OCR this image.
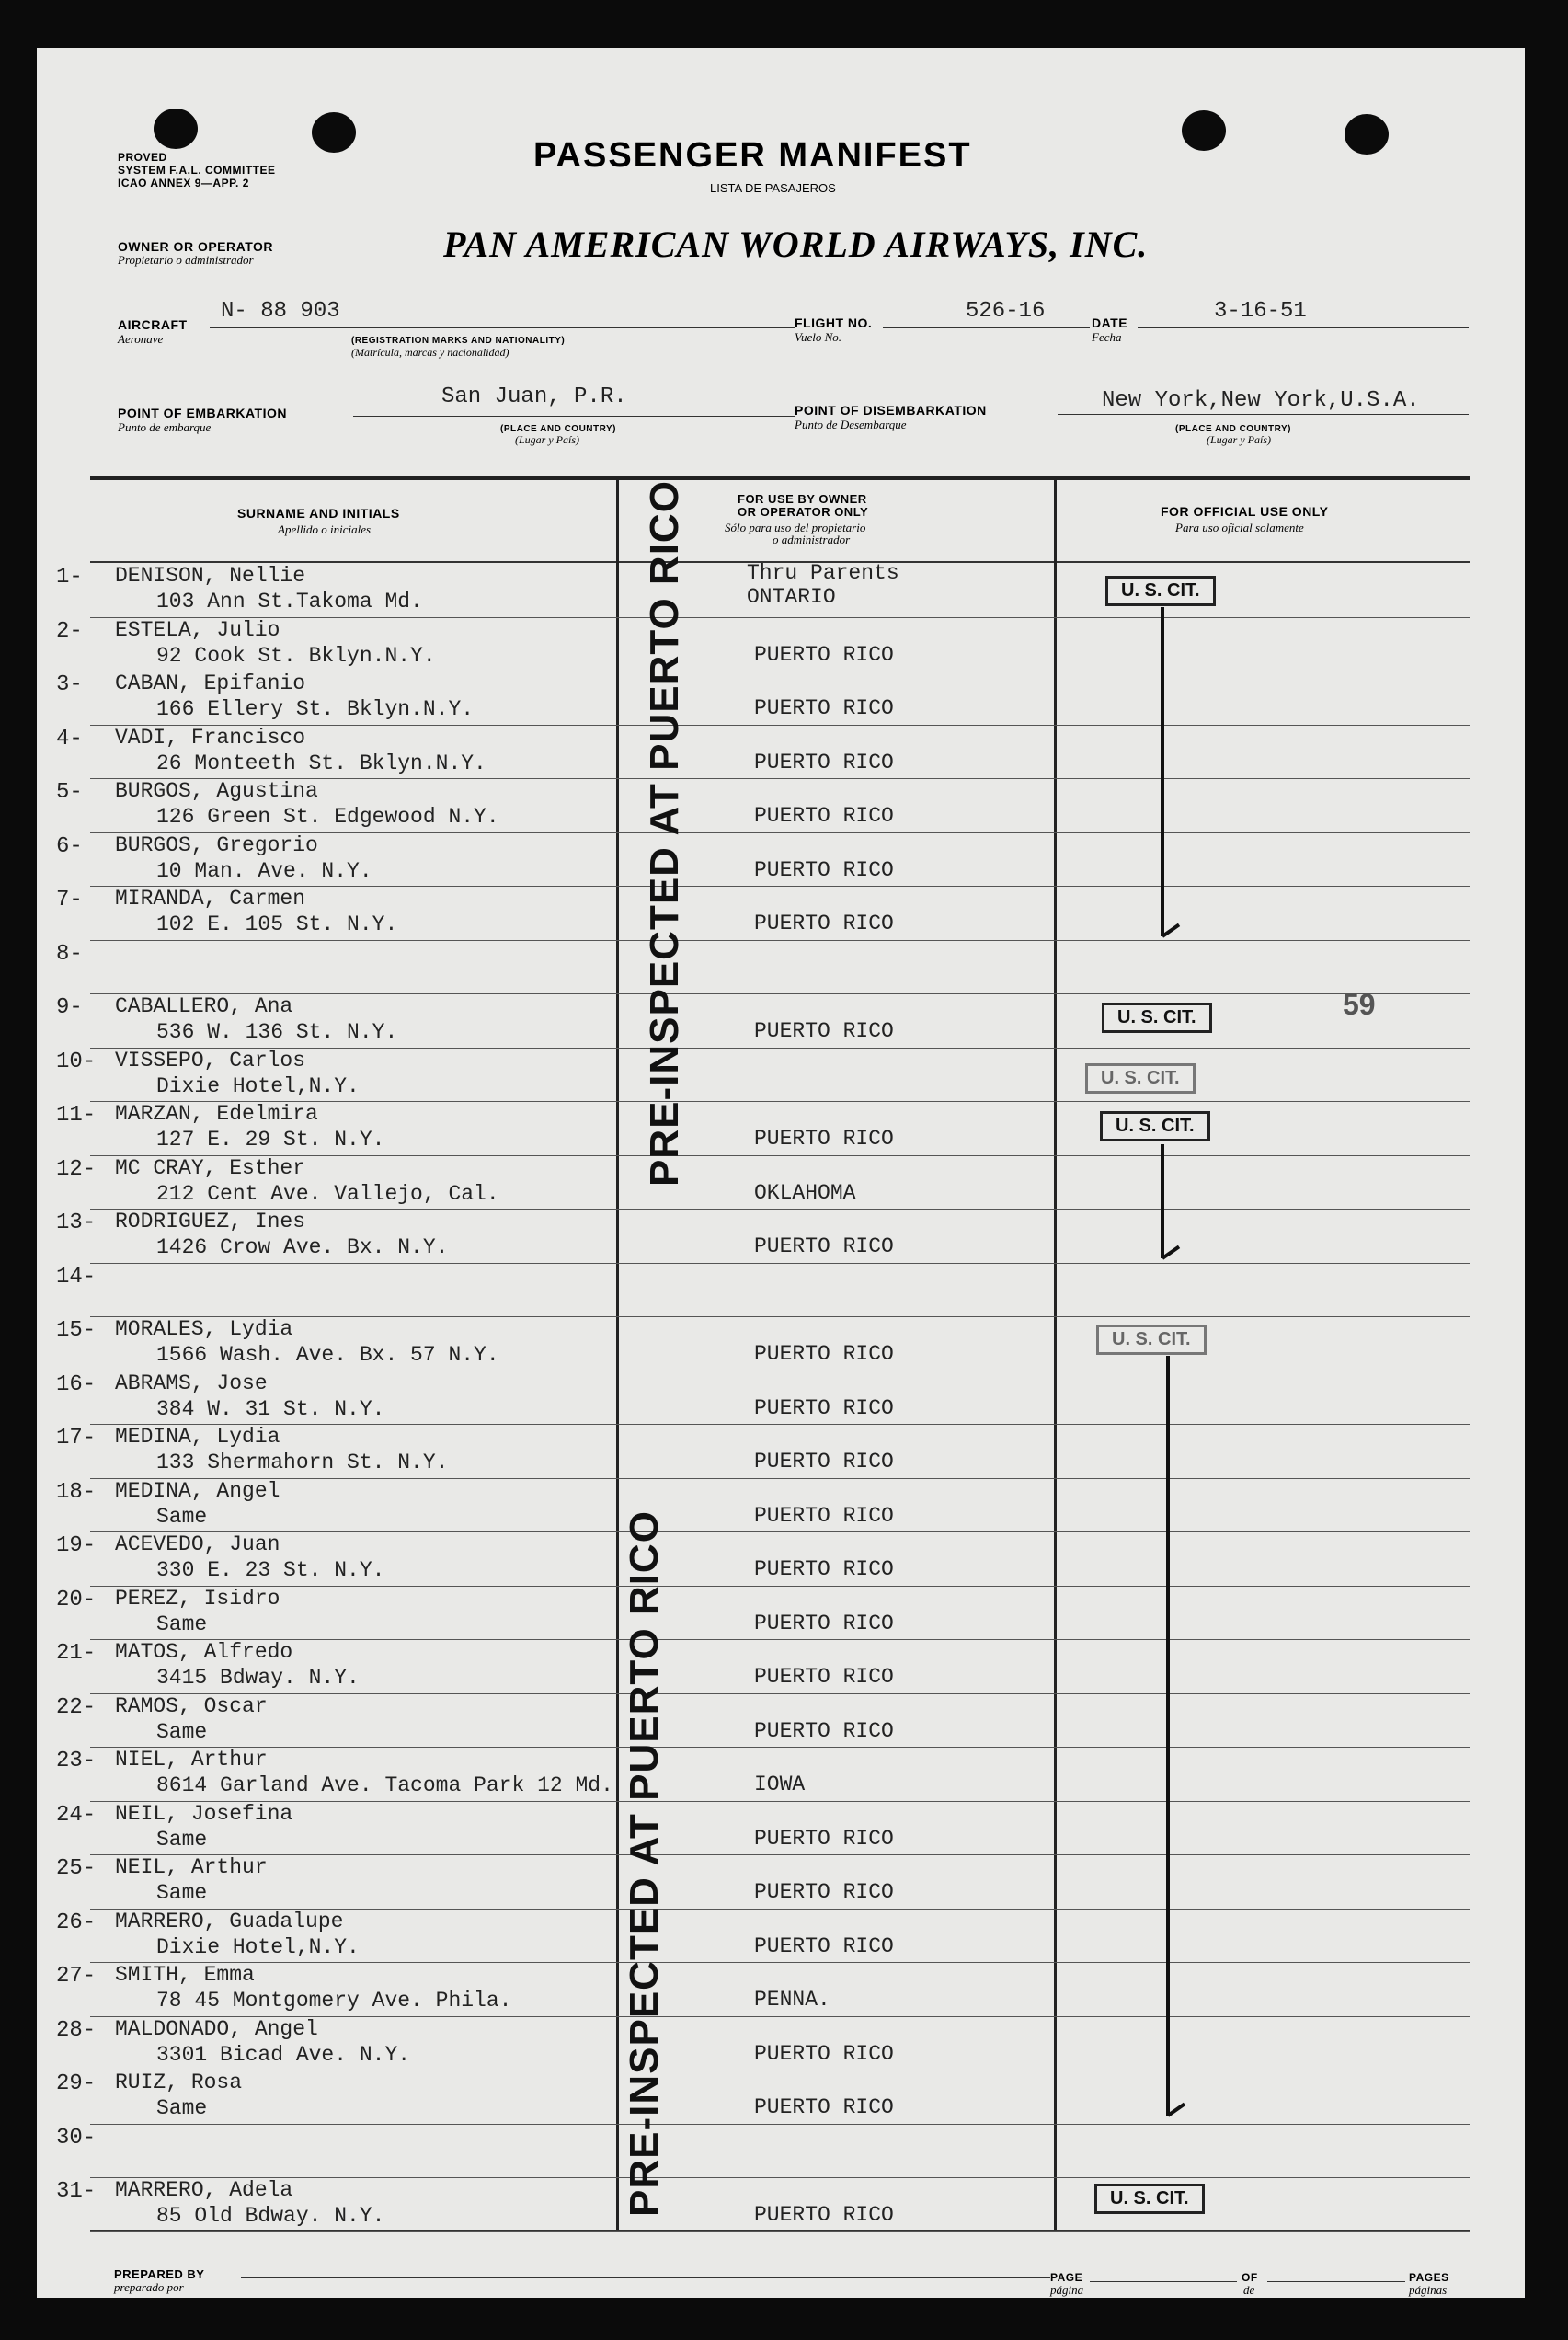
PROVED
SYSTEM F.A.L. COMMITTEE
ICAO ANNEX 9—APP. 2
PASSENGER MANIFEST
LISTA DE PASAJEROS
OWNER OR OPERATOR
Propietario o administrador	PAN AMERICAN WORLD AIRWAYS, INC.
AIRCRAFT
Aeronave
N- 88 903
(REGISTRATION MARKS AND NATIONALITY)
(Matrícula, marcas y nacionalidad)
FLIGHT NO.
Vuelo No.
526-16	DATE
Fecha
3-16-51
POINT OF EMBARKATION
Punto de embarque
San Juan, P.R.
(PLACE AND COUNTRY)
(Lugar y País)
POINT OF DISEMBARKATION
Punto de Desembarque
New York,New York,U.S.A.
(PLACE AND COUNTRY)
(Lugar y País)
SURNAME AND INITIALS
Apellido o iniciales
FOR USE BY OWNER
OR OPERATOR ONLY
Sólo para uso del propietario
o administrador
FOR OFFICIAL USE ONLY
Para uso oficial solamente
1- DENISON, Nellie
103 Ann St.Takoma Md.
Thru Parents
ONTARIO
2- ESTELA, Julio
92 Cook St. Bklyn.N.Y.	PUERTO RICO
3- CABAN, Epifanio
166 Ellery St. Bklyn.N.Y.	PUERTO RICO
4- VADI, Francisco
26 Monteeth St. Bklyn.N.Y.	PUERTO RICO
5- BURGOS, Agustina
126 Green St. Edgewood N.Y.	PUERTO RICO
6- BURGOS, Gregorio
10 Man. Ave. N.Y.	PUERTO RICO
7- MIRANDA, Carmen
102 E. 105 St. N.Y.	PUERTO RICO
8-
9- CABALLERO, Ana
536 W. 136 St. N.Y.	PUERTO RICO
10- VISSEPO, Carlos
Dixie Hotel,N.Y.
11- MARZAN, Edelmira
127 E. 29 St. N.Y.	PUERTO RICO
12- MC CRAY, Esther
212 Cent Ave. Vallejo, Cal.	OKLAHOMA
13- RODRIGUEZ, Ines
1426 Crow Ave. Bx. N.Y.	PUERTO RICO
14-
15- MORALES, Lydia
1566 Wash. Ave. Bx. 57 N.Y.	PUERTO RICO
16- ABRAMS, Jose
384 W. 31 St. N.Y.	PUERTO RICO
17- MEDINA, Lydia
133 Shermahorn St. N.Y.	PUERTO RICO
18- MEDINA, Angel
Same	PUERTO RICO
19- ACEVEDO, Juan
330 E. 23 St. N.Y.	PUERTO RICO
20- PEREZ, Isidro
Same	PUERTO RICO
21- MATOS, Alfredo
3415 Bdway. N.Y.	PUERTO RICO
22- RAMOS, Oscar
Same	PUERTO RICO
23- NIEL, Arthur
8614 Garland Ave. Tacoma Park 12 Md.	IOWA
24- NEIL, Josefina
Same	PUERTO RICO
25- NEIL, Arthur
Same	PUERTO RICO
26- MARRERO, Guadalupe
Dixie Hotel,N.Y.	PUERTO RICO
27- SMITH, Emma
78 45 Montgomery Ave. Phila.	PENNA.
28- MALDONADO, Angel
3301 Bicad Ave. N.Y.	PUERTO RICO
29- RUIZ, Rosa
Same	PUERTO RICO
30-
31- MARRERO, Adela
85 Old Bdway. N.Y.	PUERTO RICO
PRE-INSPECTED AT PUERTO RICO
PRE-INSPECTED AT PUERTO RICO
U. S. CIT.
U. S. CIT.
U. S. CIT.
U. S. CIT.
U. S. CIT.
U. S. CIT.
59
PREPARED BY
preparado por
PAGE
página
OF
de
PAGES
páginas
